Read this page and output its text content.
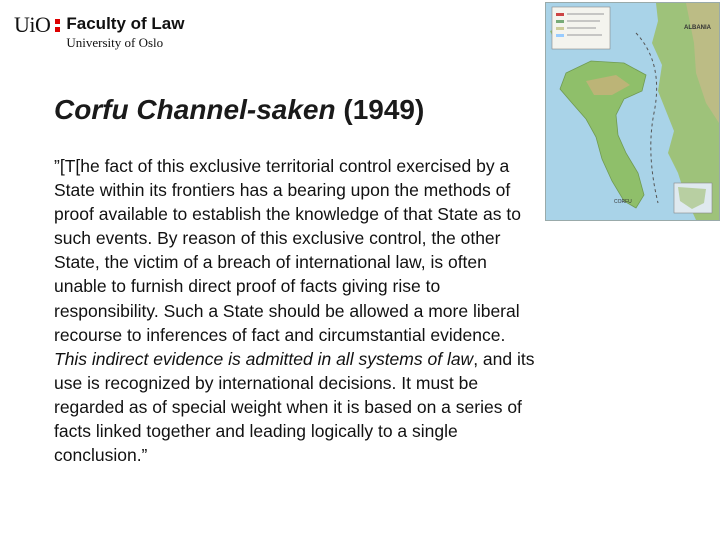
UiO Faculty of Law
University of Oslo
Corfu Channel-saken (1949)
”[T[he fact of this exclusive territorial control exercised by a State within its frontiers has a bearing upon the methods of proof available to establish the knowledge of that State as to such events. By reason of this exclusive control, the other State, the victim of a breach of international law, is often unable to furnish direct proof of facts giving rise to responsibility. Such a State should be allowed a more liberal recourse to inferences of fact and circumstantial evidence. This indirect evidence is admitted in all systems of law, and its use is recognized by international decisions. It must be regarded as of special weight when it is based on a series of facts linked together and leading logically to a single conclusion.”
ALBANIA
CORFU
